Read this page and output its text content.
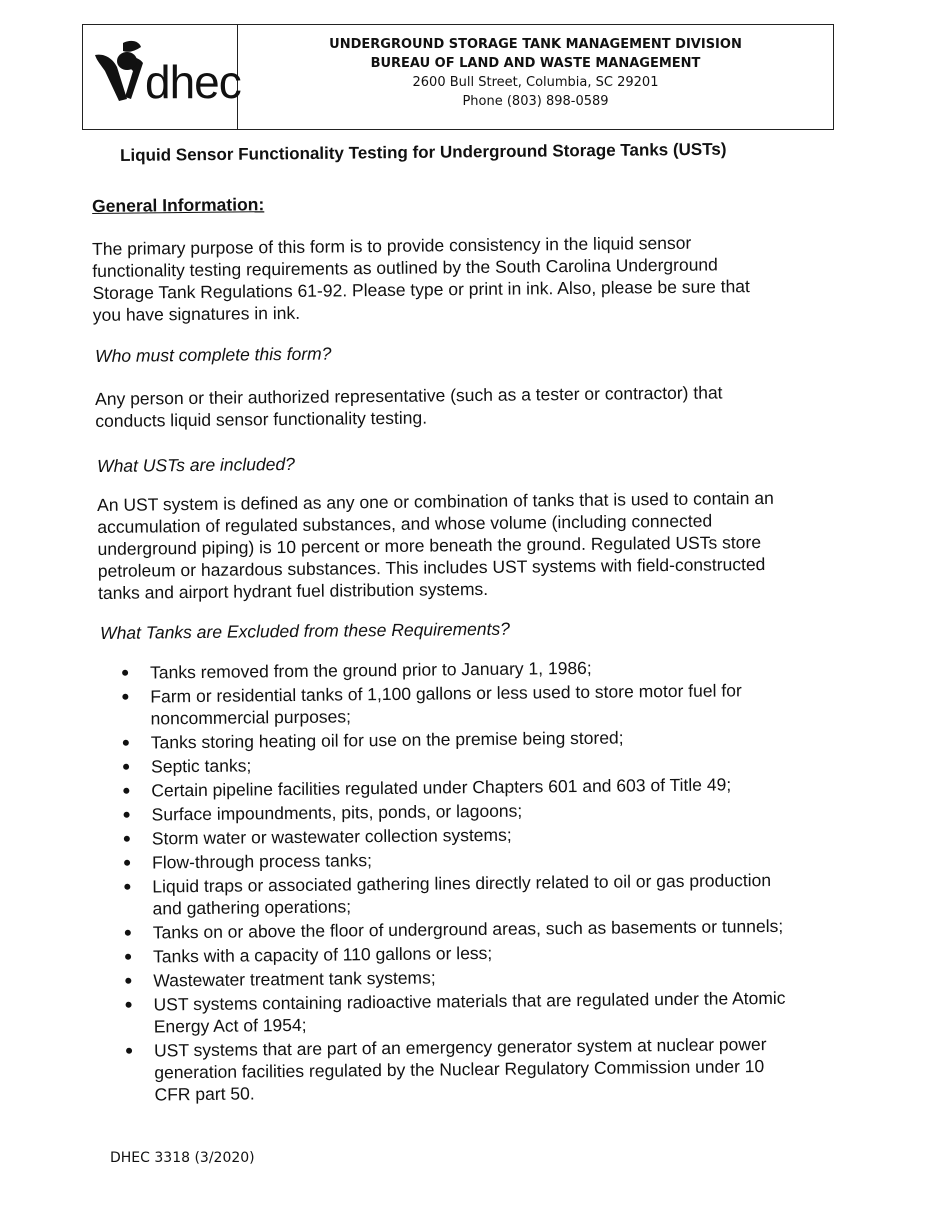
dhec
UNDERGROUND STORAGE TANK MANAGEMENT DIVISION
BUREAU OF LAND AND WASTE MANAGEMENT
2600 Bull Street, Columbia, SC 29201
Phone (803) 898-0589
Liquid Sensor Functionality Testing for Underground Storage Tanks (USTs)
General Information:
The primary purpose of this form is to provide consistency in the liquid sensor
functionality testing requirements as outlined by the South Carolina Underground
Storage Tank Regulations 61-92. Please type or print in ink. Also, please be sure that
you have signatures in ink.
Who must complete this form?
Any person or their authorized representative (such as a tester or contractor) that
conducts liquid sensor functionality testing.
What USTs are included?
An UST system is defined as any one or combination of tanks that is used to contain an
accumulation of regulated substances, and whose volume (including connected
underground piping) is 10 percent or more beneath the ground. Regulated USTs store
petroleum or hazardous substances. This includes UST systems with field-constructed
tanks and airport hydrant fuel distribution systems.
What Tanks are Excluded from these Requirements?
Tanks removed from the ground prior to January 1, 1986;
Farm or residential tanks of 1,100 gallons or less used to store motor fuel for
noncommercial purposes;
Tanks storing heating oil for use on the premise being stored;
Septic tanks;
Certain pipeline facilities regulated under Chapters 601 and 603 of Title 49;
Surface impoundments, pits, ponds, or lagoons;
Storm water or wastewater collection systems;
Flow-through process tanks;
Liquid traps or associated gathering lines directly related to oil or gas production
and gathering operations;
Tanks on or above the floor of underground areas, such as basements or tunnels;
Tanks with a capacity of 110 gallons or less;
Wastewater treatment tank systems;
UST systems containing radioactive materials that are regulated under the Atomic
Energy Act of 1954;
UST systems that are part of an emergency generator system at nuclear power
generation facilities regulated by the Nuclear Regulatory Commission under 10
CFR part 50.
DHEC 3318 (3/2020)
